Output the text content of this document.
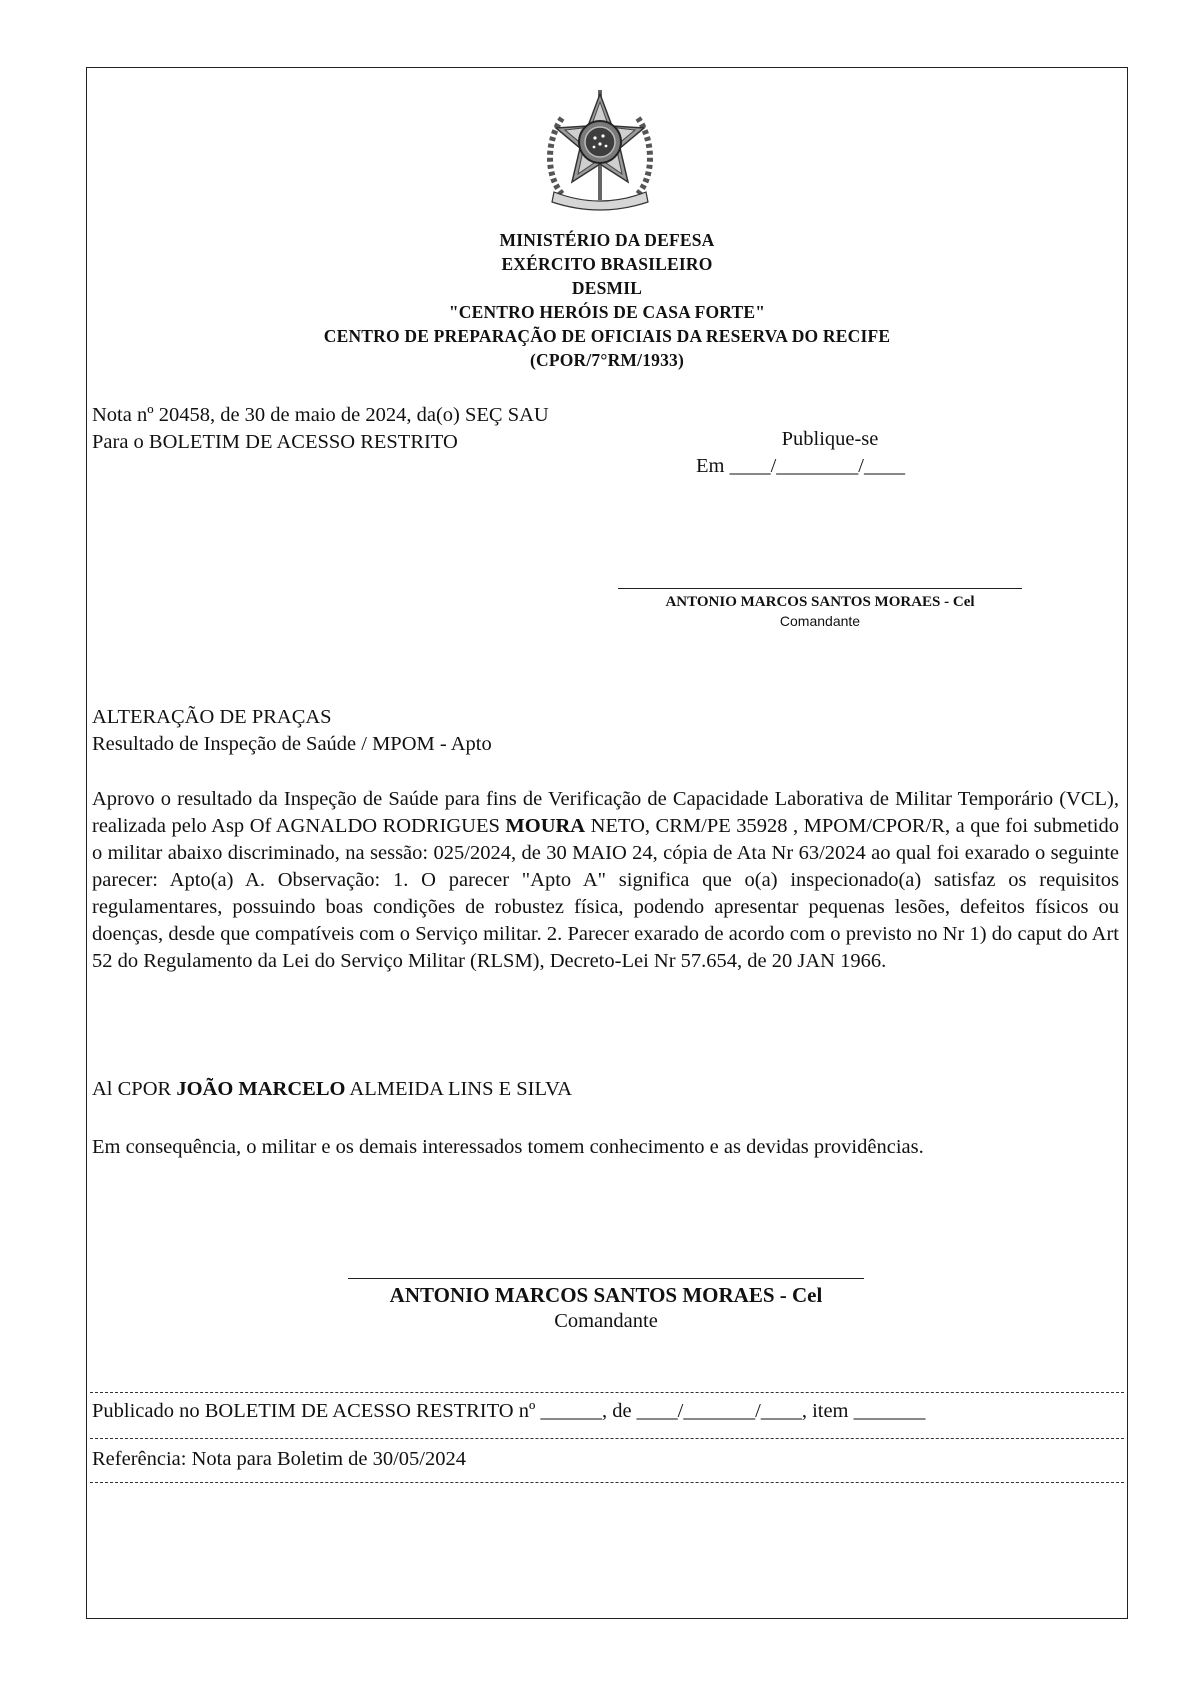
MINISTÉRIO DA DEFESA
EXÉRCITO BRASILEIRO
DESMIL
"CENTRO HERÓIS DE CASA FORTE"
CENTRO DE PREPARAÇÃO DE OFICIAIS DA RESERVA DO RECIFE
(CPOR/7°RM/1933)
Nota nº 20458, de 30 de maio de 2024, da(o) SEÇ SAU
Para o BOLETIM DE ACESSO RESTRITO	Publique-se
Em ____/________/____
ANTONIO MARCOS SANTOS MORAES - Cel
Comandante
ALTERAÇÃO DE PRAÇAS
Resultado de Inspeção de Saúde / MPOM - Apto
Aprovo o resultado da Inspeção de Saúde para fins de Verificação de Capacidade Laborativa de Militar Temporário (VCL), realizada pelo Asp Of AGNALDO RODRIGUES MOURA NETO, CRM/PE 35928 , MPOM/CPOR/R, a que foi submetido o militar abaixo discriminado, na sessão: 025/2024, de 30 MAIO 24, cópia de Ata Nr 63/2024 ao qual foi exarado o seguinte parecer: Apto(a) A. Observação: 1. O parecer "Apto A" significa que o(a) inspecionado(a) satisfaz os requisitos regulamentares, possuindo boas condições de robustez física, podendo apresentar pequenas lesões, defeitos físicos ou doenças, desde que compatíveis com o Serviço militar. 2. Parecer exarado de acordo com o previsto no Nr 1) do caput do Art 52 do Regulamento da Lei do Serviço Militar (RLSM), Decreto-Lei Nr 57.654, de 20 JAN 1966.
Al CPOR JOÃO MARCELO ALMEIDA LINS E SILVA
Em consequência, o militar e os demais interessados tomem conhecimento e as devidas providências.
ANTONIO MARCOS SANTOS MORAES - Cel
Comandante
Publicado no BOLETIM DE ACESSO RESTRITO nº ______, de ____/_______/____, item _______
Referência: Nota para Boletim de 30/05/2024
